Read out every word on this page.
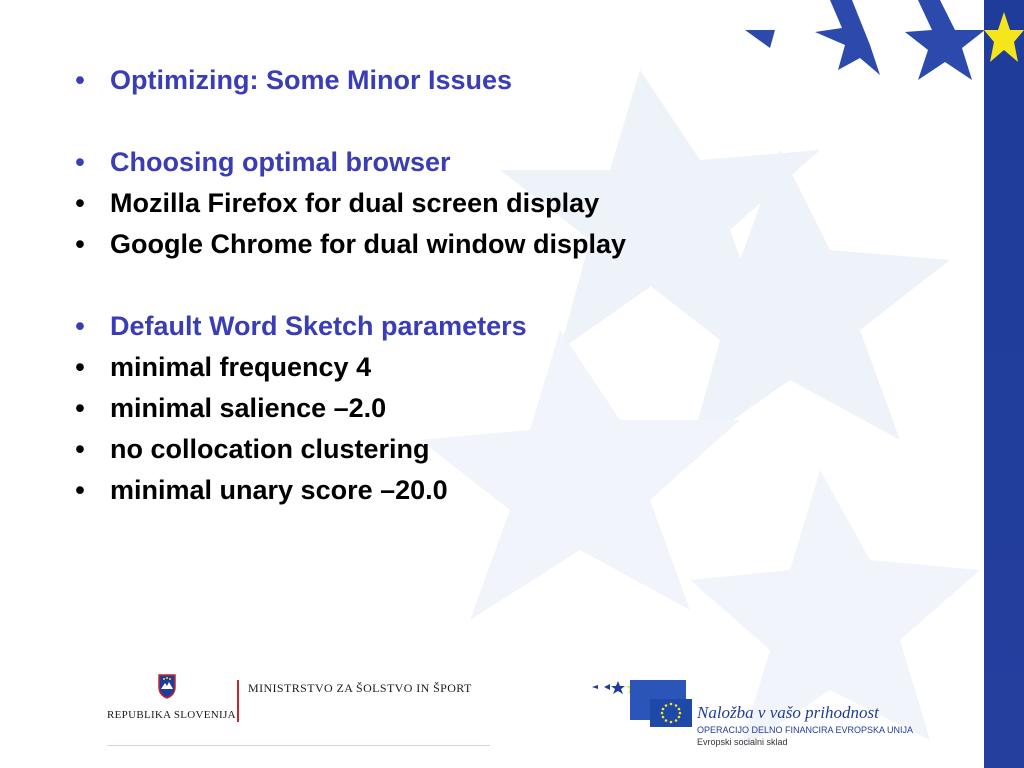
• Optimizing: Some Minor Issues
• Choosing optimal browser
• Mozilla Firefox for dual screen display
• Google Chrome for dual window display
• Default Word Sketch parameters
• minimal frequency 4
• minimal salience –2.0
• no collocation clustering
• minimal unary score –20.0
REPUBLIKA SLOVENIJA
MINISTRSTVO ZA ŠOLSTVO IN ŠPORT
Naložba v vašo prihodnost
OPERACIJO DELNO FINANCIRA EVROPSKA UNIJA
Evropski socialni sklad
